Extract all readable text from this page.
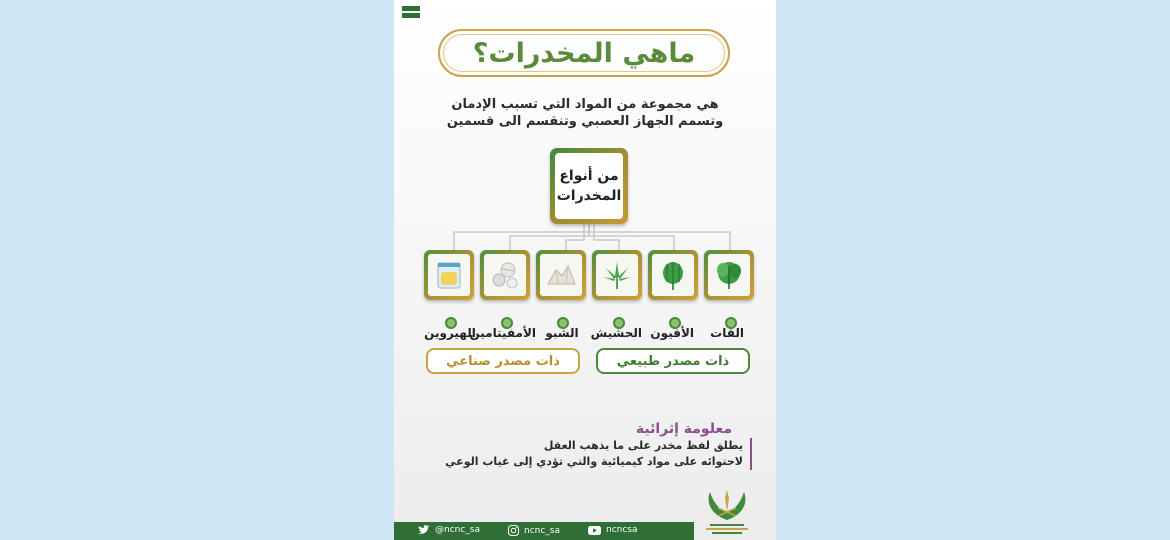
ماهي المخدرات؟
هي مجموعة من المواد التي تسبب الإدمان
وتسمم الجهاز العصبي وتنقسم الى قسمين
من أنواع
المخدرات
القات
الأفيون
الحشيش
الشبو
الأمفيتامين
الهيروين
ذات مصدر طبيعي
ذات مصدر صناعي
معلومة إثرائية
يطلق لفظ مخدر على ما يذهب العقل
لاحتوائه على مواد كيميائية والتي تؤدي إلى غياب الوعي
@ncnc_sa	ncnc_sa	ncncsa
